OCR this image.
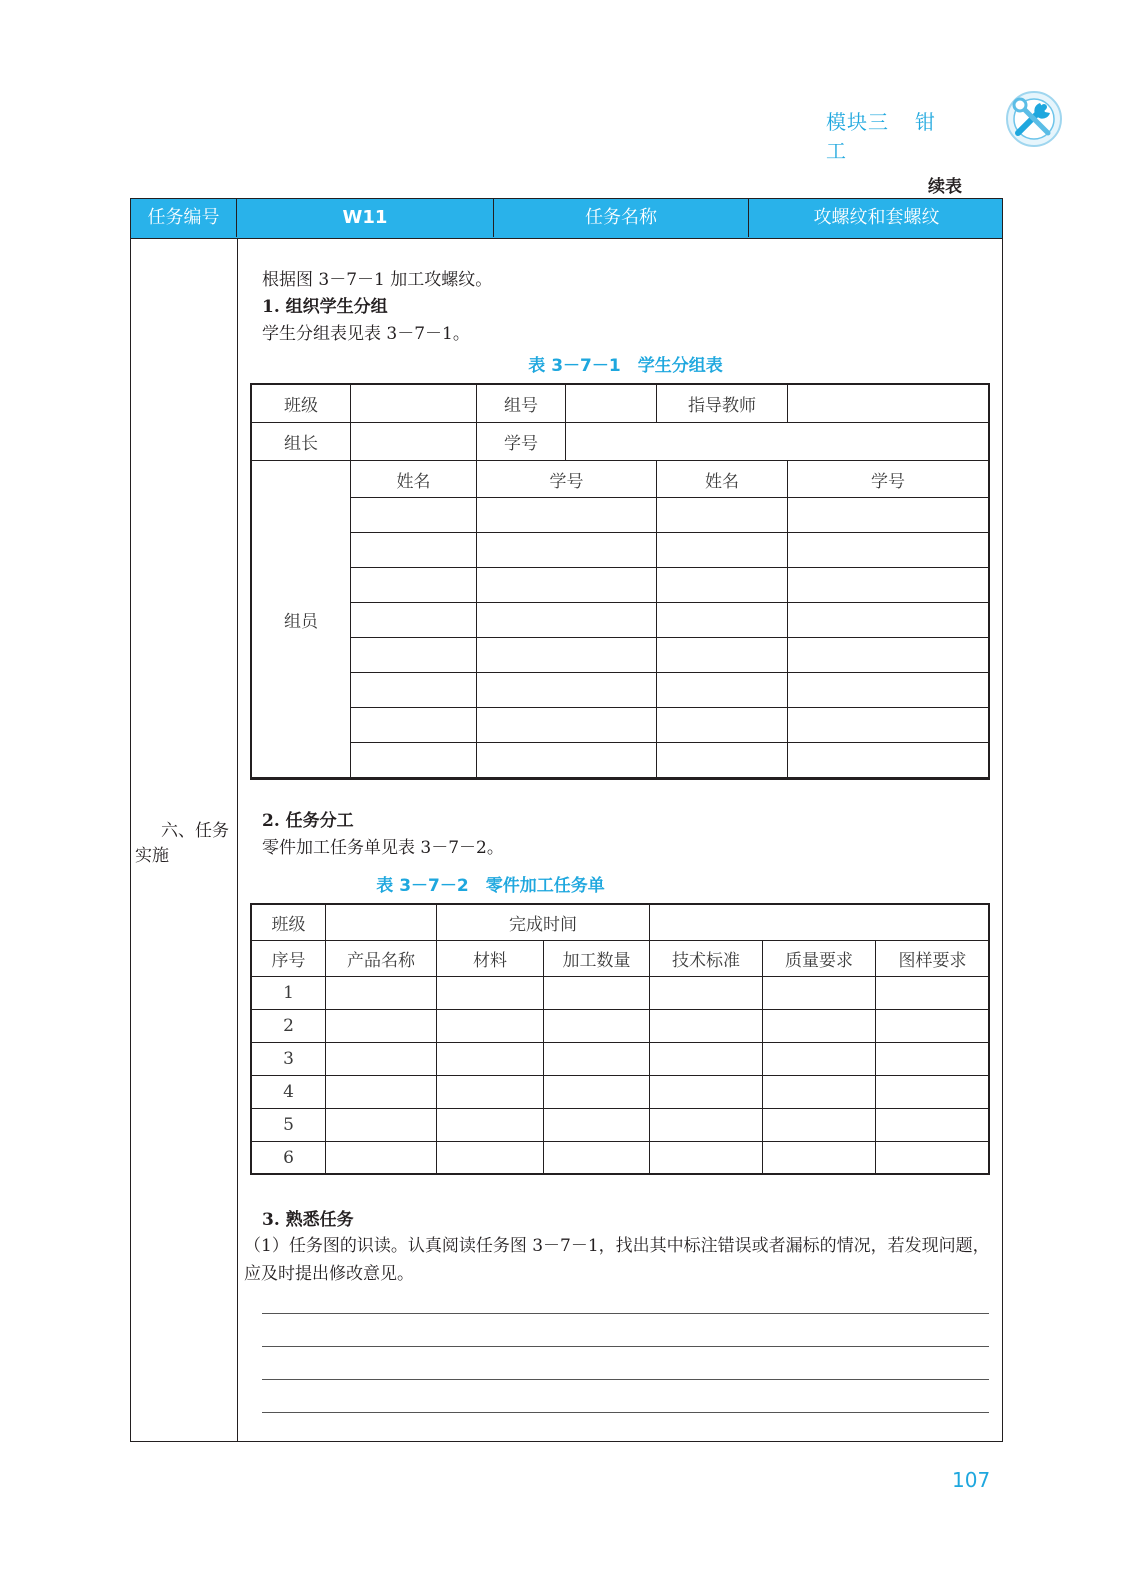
模块三 钳工
续表
任务编号	W11	任务名称	攻螺纹和套螺纹
六、任务
实施
根据图 3－7－1 加工攻螺纹。
1. 组织学生分组
学生分组表见表 3－7－1。
表 3－7－1　学生分组表
班级		组号		指导教师	
组长		学号			
组员	姓名	学号		姓名	学号

2. 任务分工
零件加工任务单见表 3－7－2。
表 3－7－2　零件加工任务单
班级		完成时间				
序号	产品名称	材料	加工数量	技术标准	质量要求	图样要求
1						
2						
3						
4						
5						
6						
3. 熟悉任务
（1）任务图的识读。认真阅读任务图 3－7－1，找出其中标注错误或者漏标的情况，若发现问题，应及时提出修改意见。
107
